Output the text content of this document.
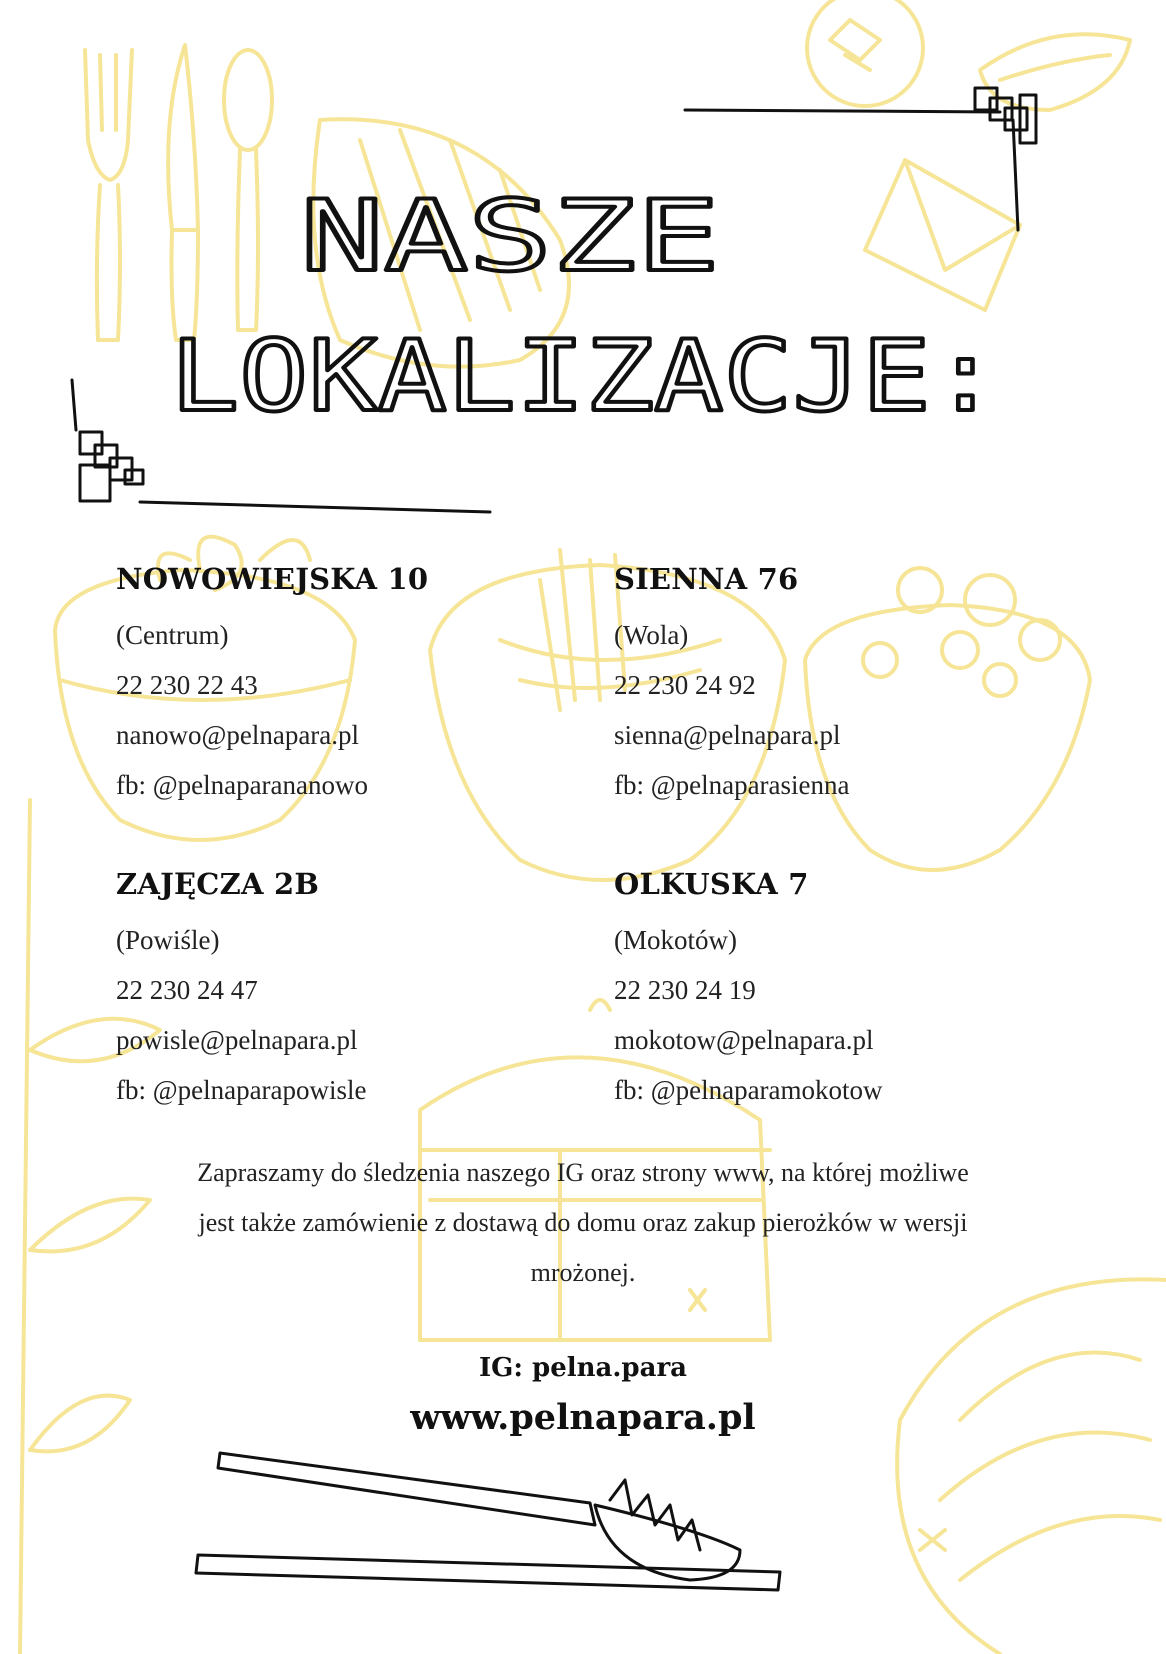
NASZE
LOKALIZACJE:
NOWOWIEJSKA 10
(Centrum)
22 230 22 43
nanowo@pelnapara.pl
fb: @pelnaparananowo
SIENNA 76
(Wola)
22 230 24 92
sienna@pelnapara.pl
fb: @pelnaparasienna
ZAJĘCZA 2B
(Powiśle)
22 230 24 47
powisle@pelnapara.pl
fb: @pelnaparapowisle
OLKUSKA 7
(Mokotów)
22 230 24 19
mokotow@pelnapara.pl
fb: @pelnaparamokotow
Zapraszamy do śledzenia naszego IG oraz strony www, na której możliwe
jest także zamówienie z dostawą do domu oraz zakup pierożków w wersji
mrożonej.
IG: pelna.para
www.pelnapara.pl
